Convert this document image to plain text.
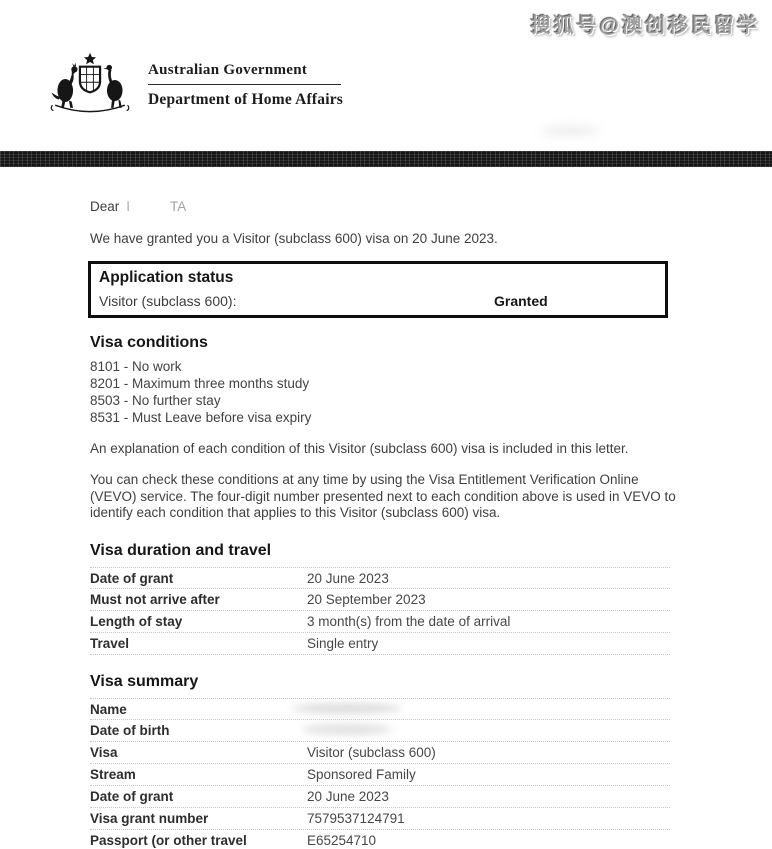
搜狐号@澳创移民留学
Australian Government
Department of Home Affairs
Dear I	TA
We have granted you a Visitor (subclass 600) visa on 20 June 2023.
Application status
Visitor (subclass 600):	Granted
Visa conditions
8101 - No work
8201 - Maximum three months study
8503 - No further stay
8531 - Must Leave before visa expiry
An explanation of each condition of this Visitor (subclass 600) visa is included in this letter.
You can check these conditions at any time by using the Visa Entitlement Verification Online (VEVO) service. The four-digit number presented next to each condition above is used in VEVO to identify each condition that applies to this Visitor (subclass 600) visa.
Visa duration and travel
Date of grant	20 June 2023
Must not arrive after	20 September 2023
Length of stay	3 month(s) from the date of arrival
Travel	Single entry
Visa summary
Name
Date of birth
Visa	Visitor (subclass 600)
Stream	Sponsored Family
Date of grant	20 June 2023
Visa grant number	7579537124791
Passport (or other travel	E65254710
